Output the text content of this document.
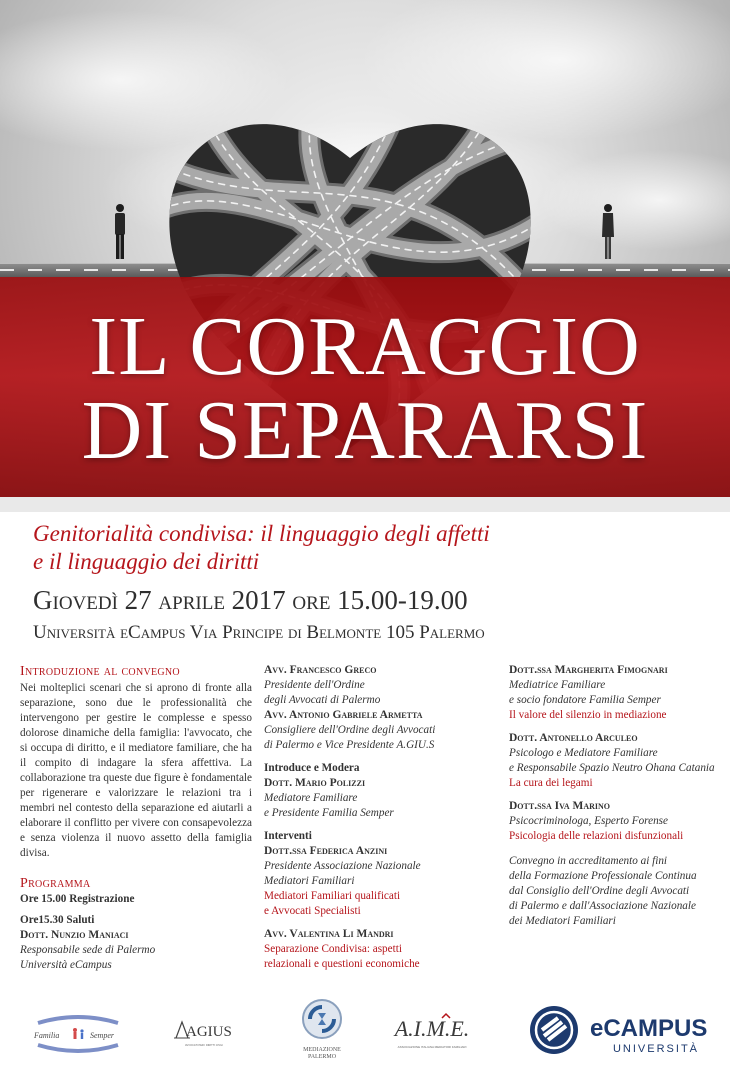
IL CORAGGIO
DI SEPARARSI
Genitorialità condivisa: il linguaggio degli affetti
e il linguaggio dei diritti
Giovedì 27 aprile 2017 ore 15.00-19.00
Università eCampus Via Principe di Belmonte 105 Palermo
Introduzione al convegno
Nei molteplici scenari che si aprono di fronte alla separazione, sono due le professionalità che intervengono per gestire le complesse e spesso dolorose dinamiche della famiglia: l'avvocato, che si occupa di diritto, e il mediatore familiare, che ha il compito di indagare la sfera affettiva. La collaborazione tra queste due figure è fondamentale per rigenerare e valorizzare le relazioni tra i membri nel contesto della separazione ed aiutarli a elaborare il conflitto per vivere con consapevolezza e senza violenza il nuovo assetto della famiglia divisa.
Programma
Ore 15.00 Registrazione
Ore15.30 Saluti
Dott. Nunzio Maniaci
Responsabile sede di Palermo
Università eCampus
Avv. Francesco Greco
Presidente dell'Ordine
degli Avvocati di Palermo
Avv. Antonio Gabriele Armetta
Consigliere dell'Ordine degli Avvocati
di Palermo e Vice Presidente A.GIU.S
Introduce e Modera
Dott. Mario Polizzi
Mediatore Familiare
e Presidente Familia Semper
Interventi
Dott.ssa Federica Anzini
Presidente Associazione Nazionale
Mediatori Familiari
Mediatori Familiari qualificati
e Avvocati Specialisti
Avv. Valentina Li Mandri
Separazione Condivisa: aspetti
relazionali e questioni economiche
Dott.ssa Margherita Fimognari
Mediatrice Familiare
e socio fondatore Familia Semper
Il valore del silenzio in mediazione
Dott. Antonello Arculeo
Psicologo e Mediatore Familiare
e Responsabile Spazio Neutro Ohana Catania
La cura dei legami
Dott.ssa Iva Marino
Psicocriminologa, Esperto Forense
Psicologia delle relazioni disfunzionali
Convegno in accreditamento ai fini
della Formazione Professionale Continua
dal Consiglio dell'Ordine degli Avvocati
di Palermo e dall'Associazione Nazionale
dei Mediatori Familiari
Familia	Semper	AGIUS
AVVOCATI PER I DIRITTI CIVILI
MEDIAZIONE
PALERMO
A.I.M.E.
ASSOCIAZIONE ITALIANA MEDIATORI FAMILIARI
eCAMPUS
UNIVERSITÀ
